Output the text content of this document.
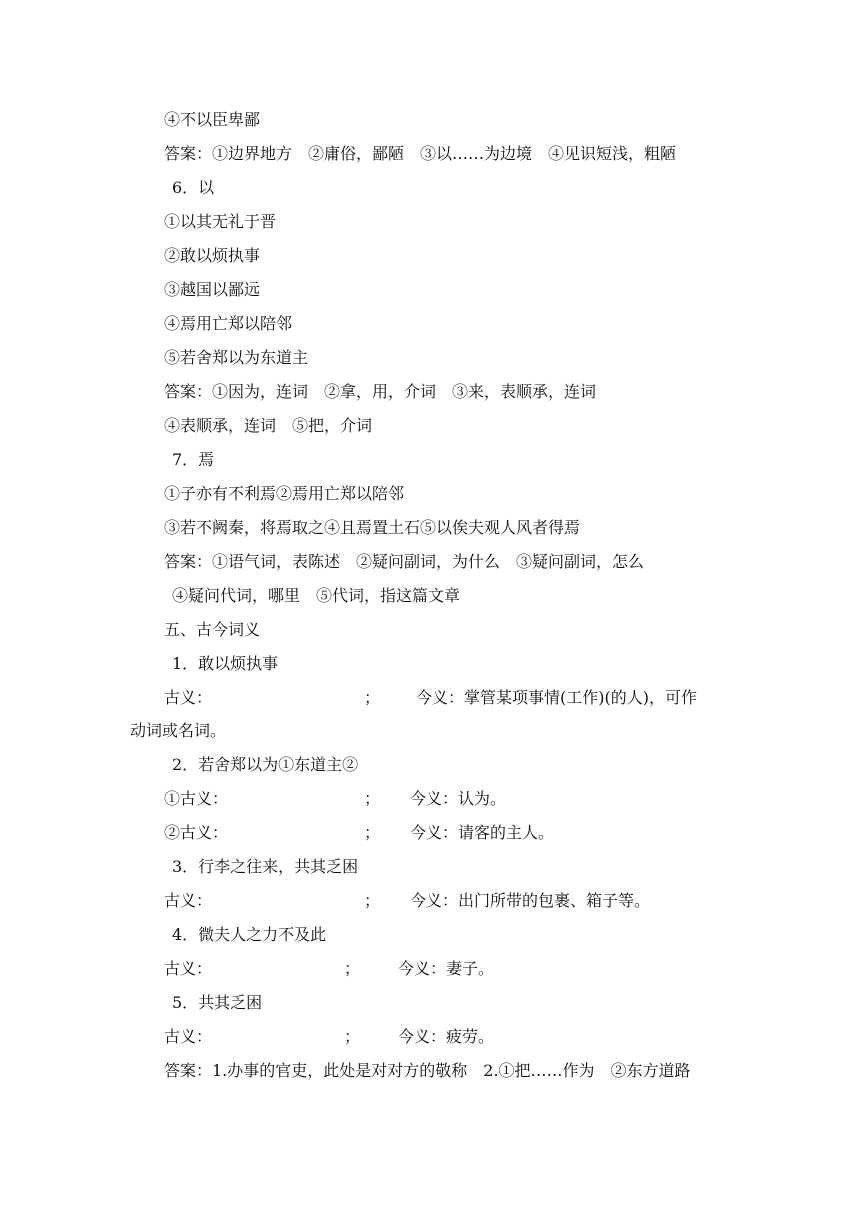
④不以臣卑鄙
答案：①边界地方　②庸俗，鄙陋　③以……为边境　④见识短浅，粗陋
6．以
①以其无礼于晋
②敢以烦执事
③越国以鄙远
④焉用亡郑以陪邻
⑤若舍郑以为东道主
答案：①因为，连词　②拿，用，介词　③来，表顺承，连词
④表顺承，连词　⑤把，介词
7．焉
①子亦有不利焉②焉用亡郑以陪邻
③若不阙秦，将焉取之④且焉置土石⑤以俟夫观人风者得焉
答案：①语气词，表陈述　②疑问副词，为什么　③疑问副词，怎么
④疑问代词，哪里　⑤代词，指这篇文章
五、古今词义
1．敢以烦执事
古义：	； 今义：掌管某项事情(工作)(的人)，可作
动词或名词。
2．若舍郑以为①东道主②
①古义：	； 今义：认为。
②古义：	； 今义：请客的主人。
3．行李之往来，共其乏困
古义：	； 今义：出门所带的包裹、箱子等。
4．微夫人之力不及此
古义：	； 今义：妻子。
5．共其乏困
古义：	； 今义：疲劳。
答案：1.办事的官吏，此处是对对方的敬称　2.①把……作为　②东方道路
